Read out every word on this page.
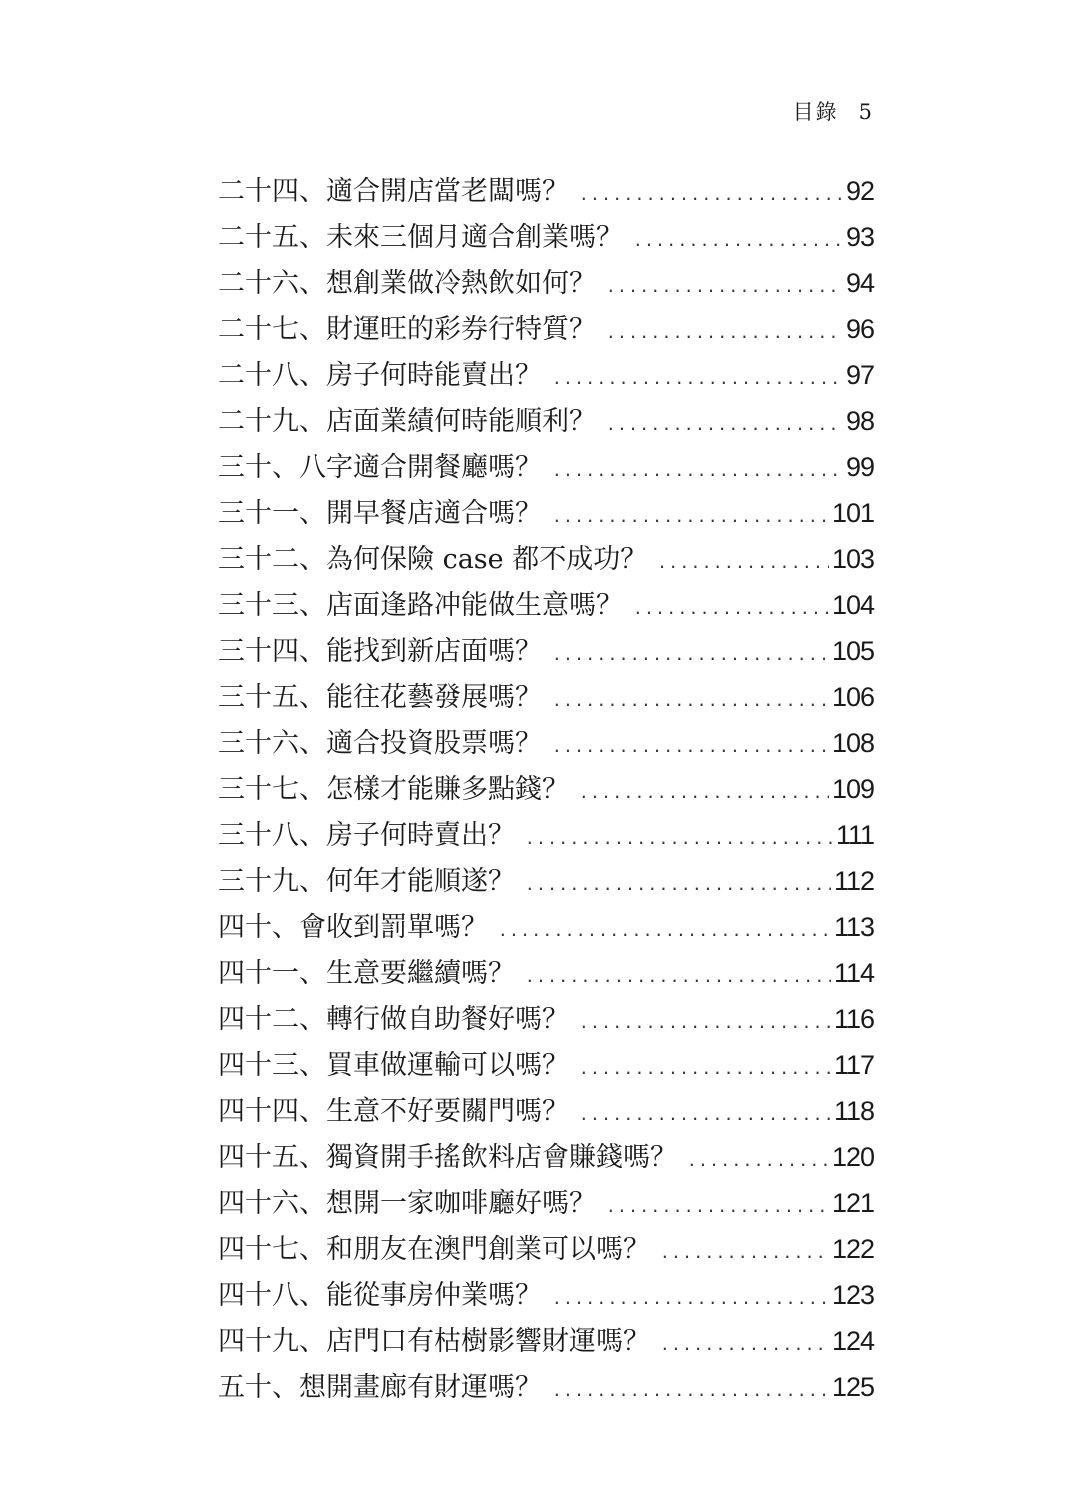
目錄 5
二十四、適合開店當老闆嗎？ .....	92
二十五、未來三個月適合創業嗎？ .....	93
二十六、想創業做冷熱飲如何？ .....	94
二十七、財運旺的彩券行特質？ .....	96
二十八、房子何時能賣出？ .....	97
二十九、店面業績何時能順利？ .....	98
三十、八字適合開餐廳嗎？ .....	99
三十一、開早餐店適合嗎？ .....	101
三十二、為何保險 case 都不成功？ .....	103
三十三、店面逢路冲能做生意嗎？ .....	104
三十四、能找到新店面嗎？ .....	105
三十五、能往花藝發展嗎？ .....	106
三十六、適合投資股票嗎？ .....	108
三十七、怎樣才能賺多點錢？ .....	109
三十八、房子何時賣出？ .....	111
三十九、何年才能順遂？ .....	112
四十、會收到罰單嗎？ .....	113
四十一、生意要繼續嗎？ .....	114
四十二、轉行做自助餐好嗎？ .....	116
四十三、買車做運輸可以嗎？ .....	117
四十四、生意不好要關門嗎？ .....	118
四十五、獨資開手搖飲料店會賺錢嗎？ .....	120
四十六、想開一家咖啡廳好嗎？ .....	121
四十七、和朋友在澳門創業可以嗎？ .....	122
四十八、能從事房仲業嗎？ .....	123
四十九、店門口有枯樹影響財運嗎？ .....	124
五十、想開畫廊有財運嗎？ .....	125
